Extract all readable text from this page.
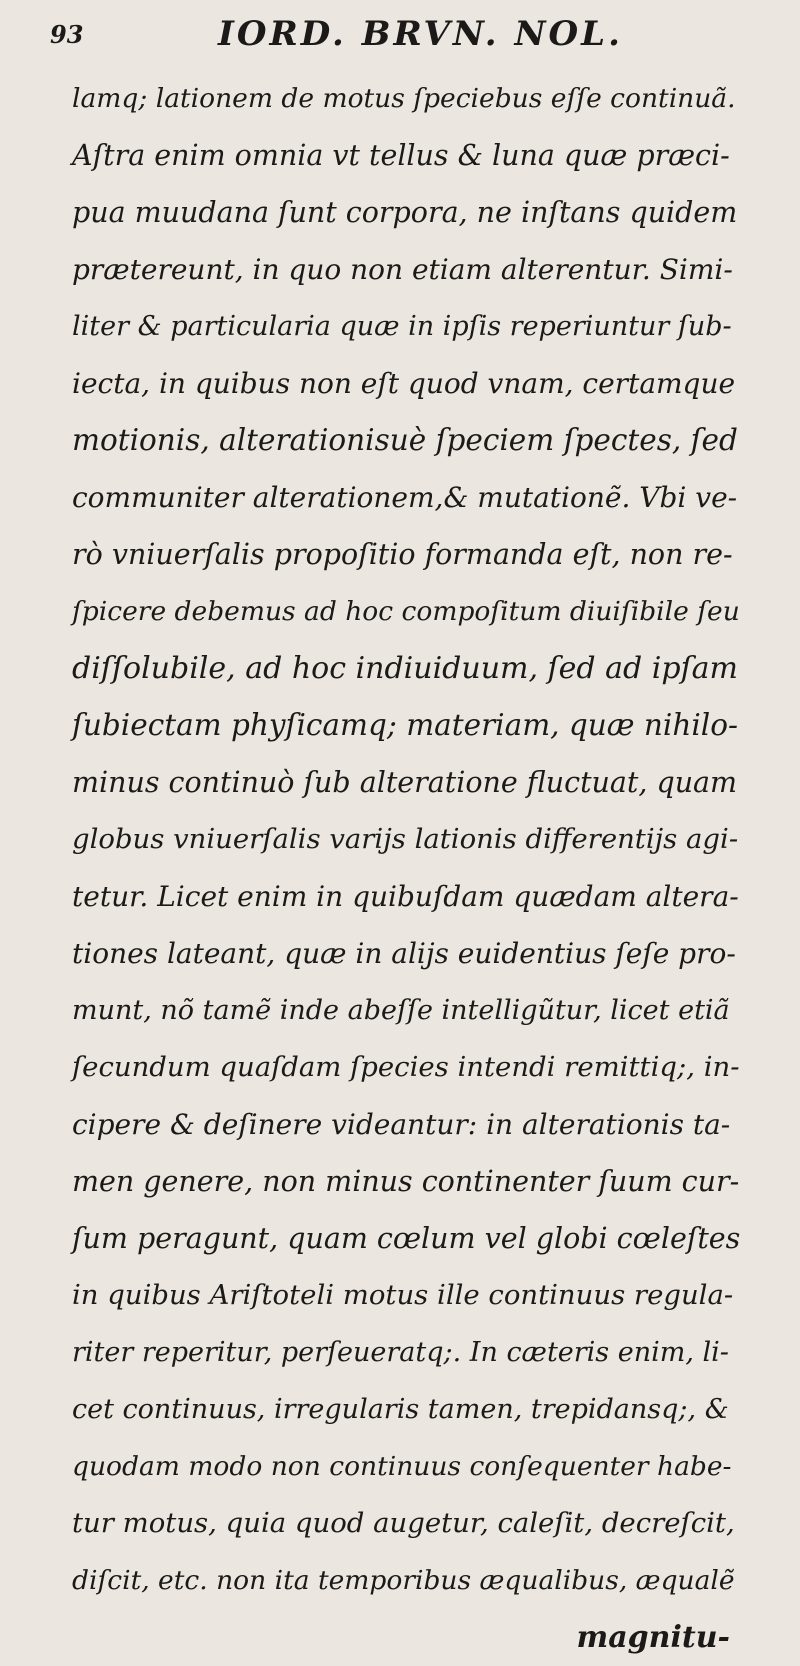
93	IORD. BRVN. NOL.
lamq; lationem de motus ſpeciebus eſſe continuã.
Aſtra enim omnia vt tellus & luna quæ præci-
pua muudana ſunt corpora, ne inſtans quidem
prætereunt, in quo non etiam alterentur. Simi-
liter & particularia quæ in ipſis reperiuntur ſub-
iecta, in quibus non eſt quod vnam, certamque
motionis, alterationisuè ſpeciem ſpectes, ſed
communiter alterationem,& mutationẽ. Vbi ve-
rò vniuerſalis propoſitio formanda eſt, non re-
ſpicere debemus ad hoc compoſitum diuiſibile ſeu
diſſolubile, ad hoc indiuiduum, ſed ad ipſam
ſubiectam phyſicamq; materiam, quæ nihilo-
minus continuò ſub alteratione fluctuat, quam
globus vniuerſalis varijs lationis differentijs agi-
tetur. Licet enim in quibuſdam quædam altera-
tiones lateant, quæ in alijs euidentius ſeſe pro-
munt, nõ tamẽ inde abeſſe intelligũtur, licet etiã
ſecundum quaſdam ſpecies intendi remittiq;, in-
cipere & deſinere videantur: in alterationis ta-
men genere, non minus continenter ſuum cur-
ſum peragunt, quam cœlum vel globi cœleſtes
in quibus Ariſtoteli motus ille continuus regula-
riter reperitur, perſeueratq;. In cæteris enim, li-
cet continuus, irregularis tamen, trepidansq;, &
quodam modo non continuus conſequenter habe-
tur motus, quia quod augetur, caleſit, decreſcit,
diſcit, etc. non ita temporibus æqualibus, æqualẽ
magnitu-
